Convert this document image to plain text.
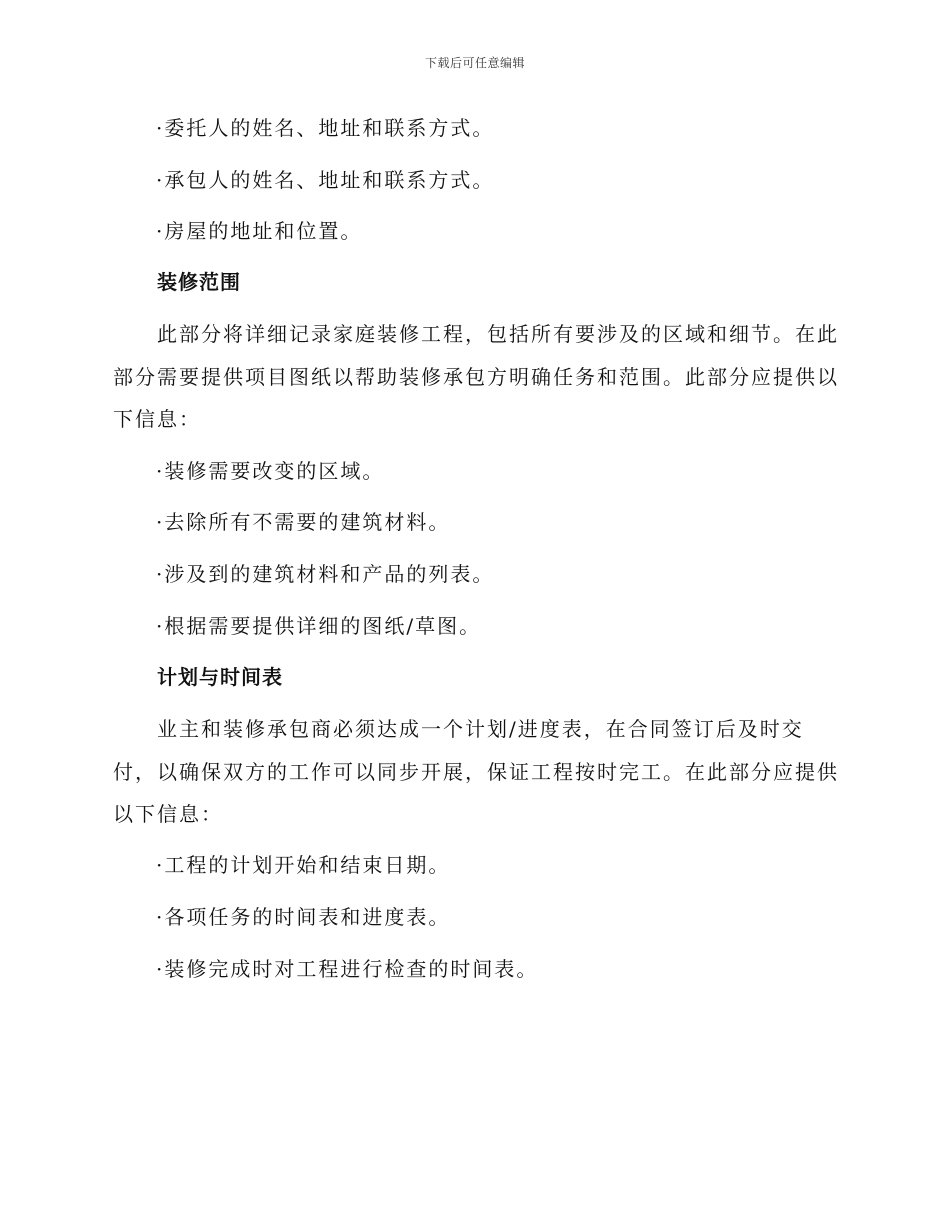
下载后可任意编辑
·委托人的姓名、地址和联系方式。
·承包人的姓名、地址和联系方式。
·房屋的地址和位置。
装修范围
此部分将详细记录家庭装修工程，包括所有要涉及的区域和细节。在此
部分需要提供项目图纸以帮助装修承包方明确任务和范围。此部分应提供以
下信息：
·装修需要改变的区域。
·去除所有不需要的建筑材料。
·涉及到的建筑材料和产品的列表。
·根据需要提供详细的图纸/草图。
计划与时间表
业主和装修承包商必须达成一个计划/进度表，在合同签订后及时交
付，以确保双方的工作可以同步开展，保证工程按时完工。在此部分应提供
以下信息：
·工程的计划开始和结束日期。
·各项任务的时间表和进度表。
·装修完成时对工程进行检查的时间表。
